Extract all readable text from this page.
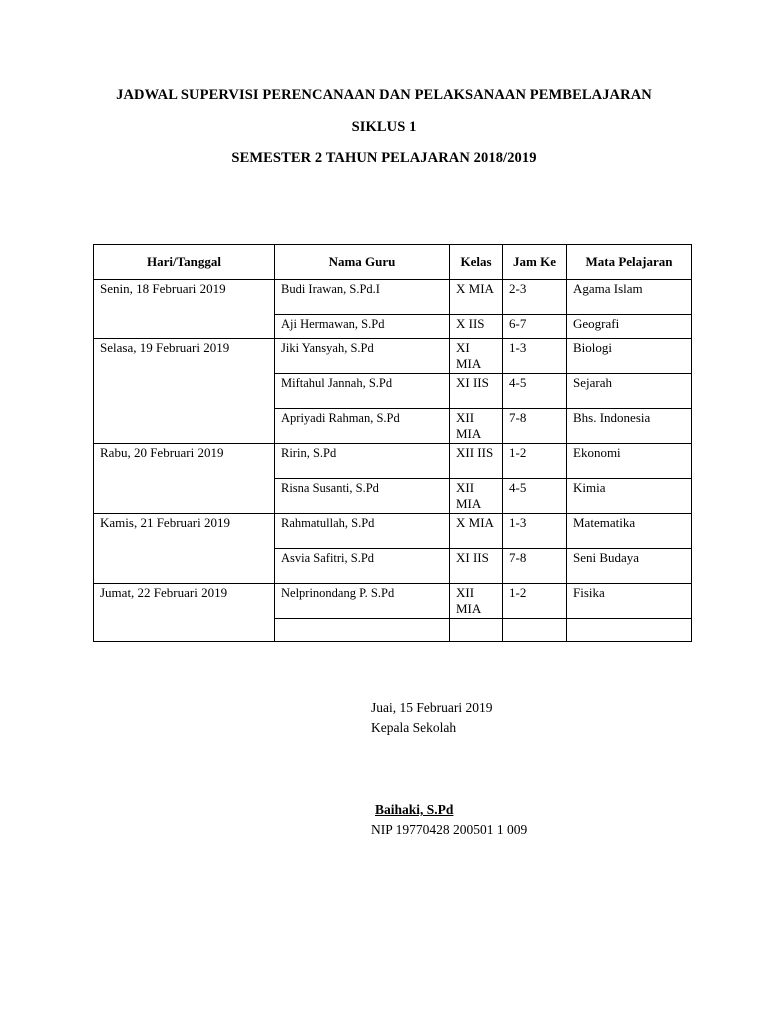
JADWAL SUPERVISI PERENCANAAN DAN PELAKSANAAN PEMBELAJARAN
SIKLUS 1
SEMESTER 2 TAHUN PELAJARAN 2018/2019
Hari/Tanggal	Nama Guru	Kelas	Jam Ke	Mata Pelajaran
Senin, 18 Februari 2019	Budi Irawan, S.Pd.I	X MIA	2-3	Agama Islam
	Aji Hermawan, S.Pd	X IIS	6-7	Geografi
Selasa, 19 Februari 2019	Jiki Yansyah, S.Pd	XI MIA	1-3	Biologi
	Miftahul Jannah, S.Pd	XI IIS	4-5	Sejarah
	Apriyadi Rahman, S.Pd	XII MIA	7-8	Bhs. Indonesia
Rabu, 20 Februari 2019	Ririn, S.Pd	XII IIS	1-2	Ekonomi
	Risna Susanti, S.Pd	XII MIA	4-5	Kimia
Kamis, 21 Februari 2019	Rahmatullah, S.Pd	X MIA	1-3	Matematika
	Asvia Safitri, S.Pd	XI IIS	7-8	Seni Budaya
Jumat, 22 Februari 2019	Nelprinondang P. S.Pd	XII MIA	1-2	Fisika

Juai, 15 Februari 2019
Kepala Sekolah
Baihaki, S.Pd
NIP 19770428 200501 1 009
